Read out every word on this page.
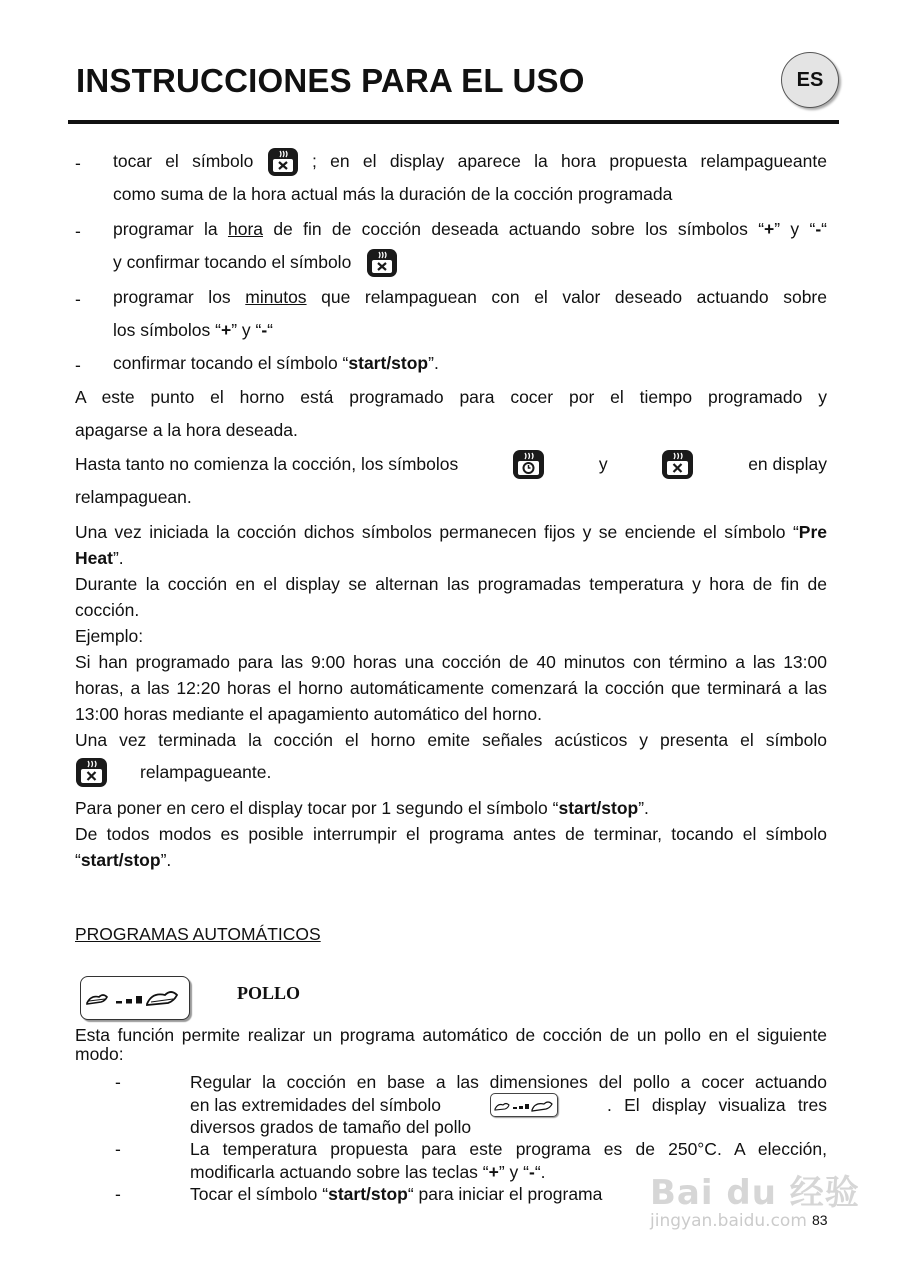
INSTRUCCIONES PARA EL USO	ES
- tocar el símbolo	; en el display aparece la hora propuesta relampagueante
como suma de la hora actual más la duración de la cocción programada
- programar la hora de fin de cocción deseada actuando sobre los símbolos “+” y “-“
y confirmar tocando el símbolo
- programar los minutos que relampaguean con el valor deseado actuando sobre
los símbolos “+” y “-“
- confirmar tocando el símbolo “start/stop”.
A este punto el horno está programado para cocer por el tiempo programado y
apagarse a la hora deseada.
Hasta tanto no comienza la cocción, los símbolos	y	en display
relampaguean.
Una vez iniciada la cocción dichos símbolos permanecen fijos y se enciende el símbolo “Pre Heat”.
Durante la cocción en el display se alternan las programadas temperatura y hora de fin de cocción.
Ejemplo:
Si han programado para las 9:00 horas una cocción de 40 minutos con término a las 13:00 horas, a las 12:20 horas el horno automáticamente comenzará la cocción que terminará a las 13:00 horas mediante el apagamiento automático del horno.
Una vez terminada la cocción el horno emite señales acústicos y presenta el símbolo
relampagueante.
Para poner en cero el display tocar por 1 segundo el símbolo “start/stop”.
De todos modos es posible interrumpir el programa antes de terminar, tocando el símbolo “start/stop”.
PROGRAMAS AUTOMÁTICOS
POLLO
Esta función permite realizar un programa automático de cocción de un pollo en el siguiente modo:
-	Regular la cocción en base a las dimensiones del pollo a cocer actuando
en las extremidades del símbolo	. El display visualiza tres
diversos grados de tamaño del pollo
-	La temperatura propuesta para este programa es de 250°C. A elección, modificarla actuando sobre las teclas “+” y “-“.
-	Tocar el símbolo “start/stop“ para iniciar el programa	Bai du 经验
jingyan.baidu.com 83
